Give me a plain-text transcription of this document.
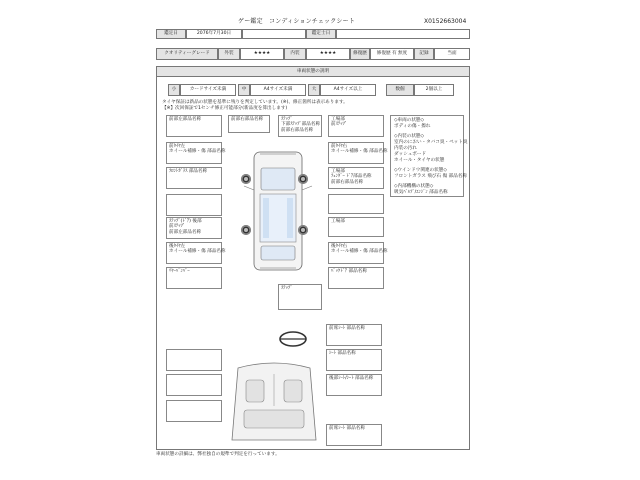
ゲー鑑定　コンディションチェックシート	X0152663004
鑑定日	2076年7月30日	鑑定士日
クオリティーグレード	外装	★★★★	内装	★★★★	修復歴 修復歴 有 無度	記録	当面
車両状態の説明
小	カードサイズ未満	中	A4サイズ未満	大	A4サイズ以上	数個	2個以上
タイヤ保証は新品の状態を基準に残りを判定しています。(※)、修正箇所は表示あります。
【※】次回保証で1センチ修正可能部分(新品度を算出します)
◇車両の状態◇
ボディの傷・擦れ
◇内装の状態◇
室内のにおい・タバコ臭・ペット臭
内装の汚れ
ダッシュボード
ホイール・タイヤの状態
◇ウインドウ関連の状態◇
フロントガラス 飛び石 傷 部品名称
◇内部機構の状態◇
吸気ﾊﾞﾙﾌﾞ/ｴﾝｼﾞﾝ 部品名称
前部左部品名称
前ﾀｲﾔ左
ホイール補修・傷 部品名称
ﾌﾛﾝﾄｶﾞﾗｽ 部品名称
ｽﾃｯﾌﾟ(ﾄﾞｱ) 後部
前ｽﾃｯﾌﾟ
前部左部品名称
後ﾀｲﾔ左
ホイール補修・傷 部品名称
ﾘﾔｰﾊﾞﾝﾊﾟｰ
前部右部品名称	ｽﾃｯﾌﾟ
下部ｽﾃｯﾌﾟ部品名称
前部右部品名称
工場部
前ｽﾃｯﾌﾟ
前ﾀｲﾔ右
ホイール補修・傷 部品名称
工場部
ﾌｪﾝﾀﾞｰ ﾄﾞｱ部品名称
前部右部品名称
工場部
後ﾀｲﾔ右
ホイール補修・傷 部品名称
ﾊﾞｯｸﾄﾞｱ 部品名称
ｽﾃｯﾌﾟ
前席ｼｰﾄ 部品名称
ｼｰﾄ 部品名称
後部ｼｰﾄ/ｼｰﾄ 部品名称
前席ｼｰﾄ 部品名称
車両状態の詳細は、弊社独自の規準で判定を行っています。
